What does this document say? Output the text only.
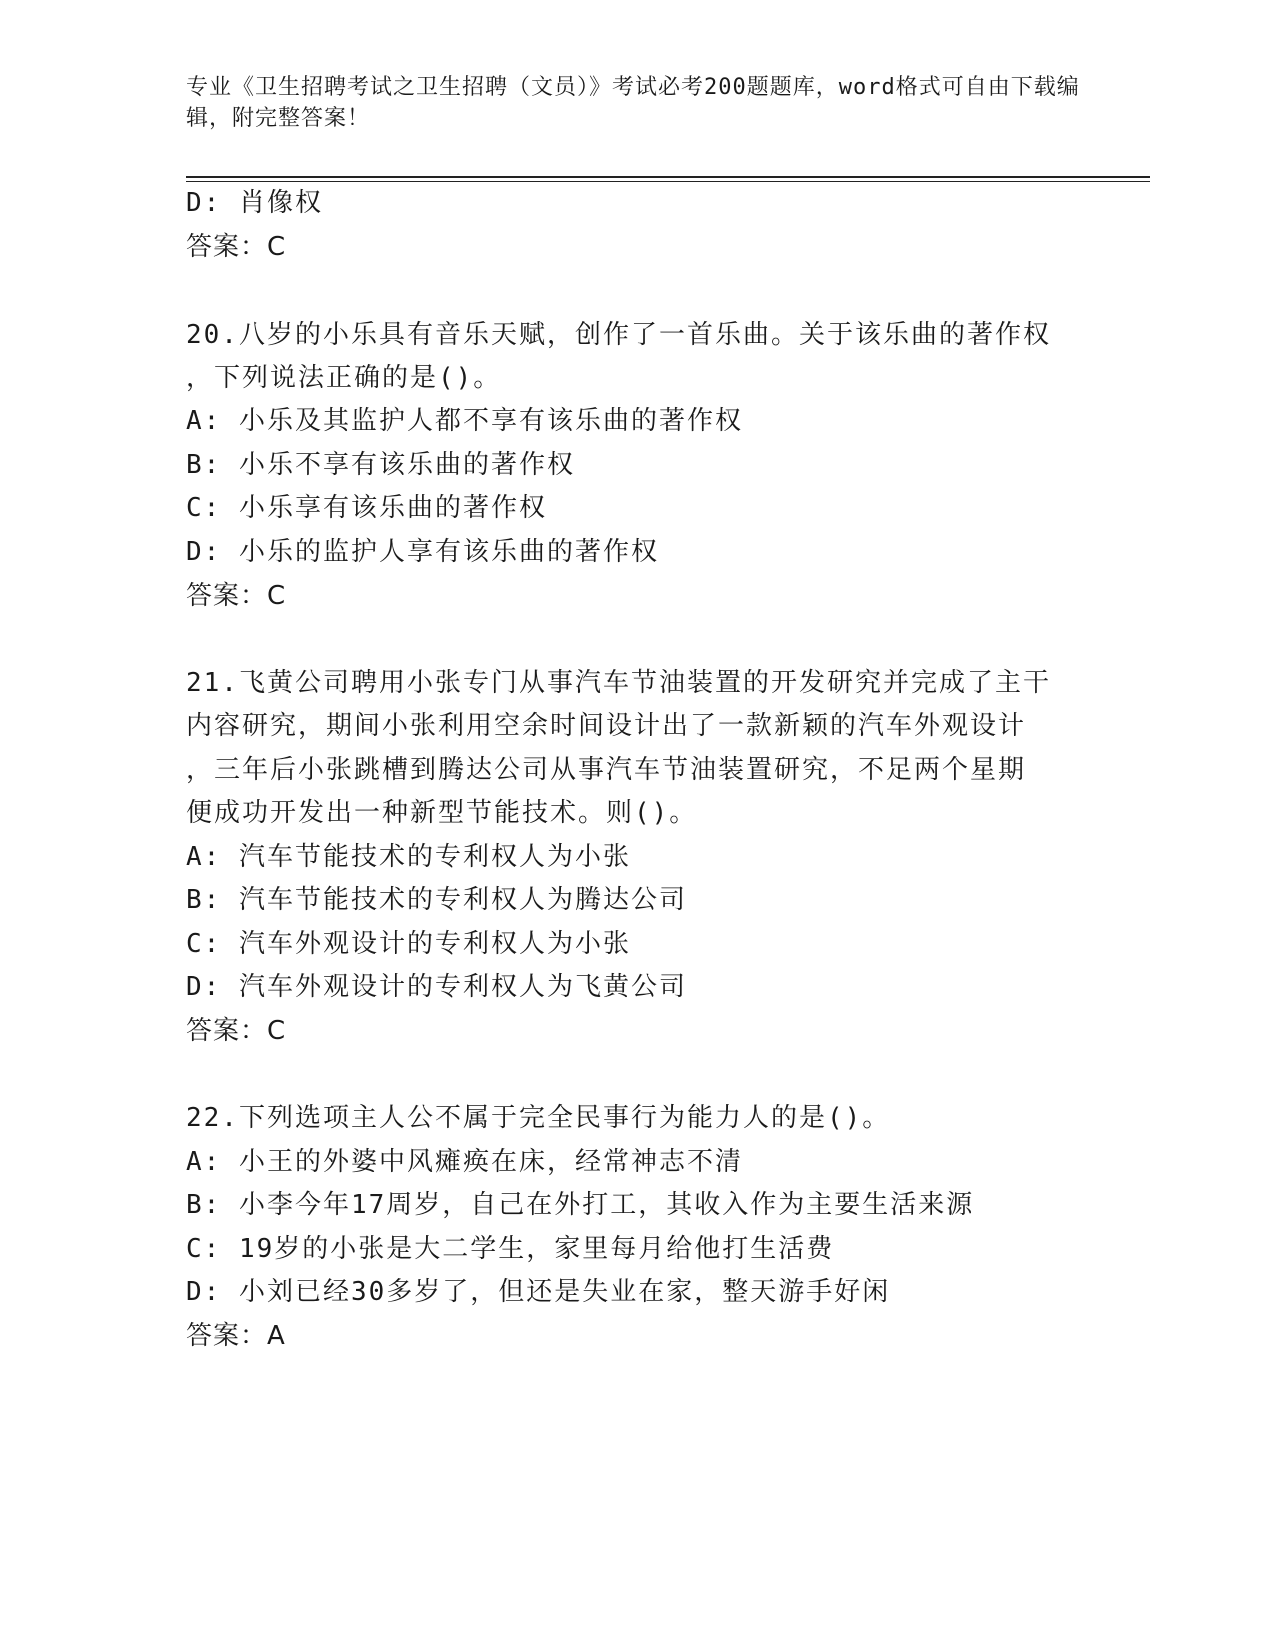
专业《卫生招聘考试之卫生招聘（文员）》考试必考200题题库，word格式可自由下载编辑，附完整答案！
D: 肖像权
答案：C
20.八岁的小乐具有音乐天赋，创作了一首乐曲。关于该乐曲的著作权
，下列说法正确的是()。
A: 小乐及其监护人都不享有该乐曲的著作权
B: 小乐不享有该乐曲的著作权
C: 小乐享有该乐曲的著作权
D: 小乐的监护人享有该乐曲的著作权
答案：C
21.飞黄公司聘用小张专门从事汽车节油装置的开发研究并完成了主干
内容研究，期间小张利用空余时间设计出了一款新颖的汽车外观设计
，三年后小张跳槽到腾达公司从事汽车节油装置研究，不足两个星期
便成功开发出一种新型节能技术。则()。
A: 汽车节能技术的专利权人为小张
B: 汽车节能技术的专利权人为腾达公司
C: 汽车外观设计的专利权人为小张
D: 汽车外观设计的专利权人为飞黄公司
答案：C
22.下列选项主人公不属于完全民事行为能力人的是()。
A: 小王的外婆中风瘫痪在床，经常神志不清
B: 小李今年17周岁，自己在外打工，其收入作为主要生活来源
C: 19岁的小张是大二学生，家里每月给他打生活费
D: 小刘已经30多岁了，但还是失业在家，整天游手好闲
答案：A
